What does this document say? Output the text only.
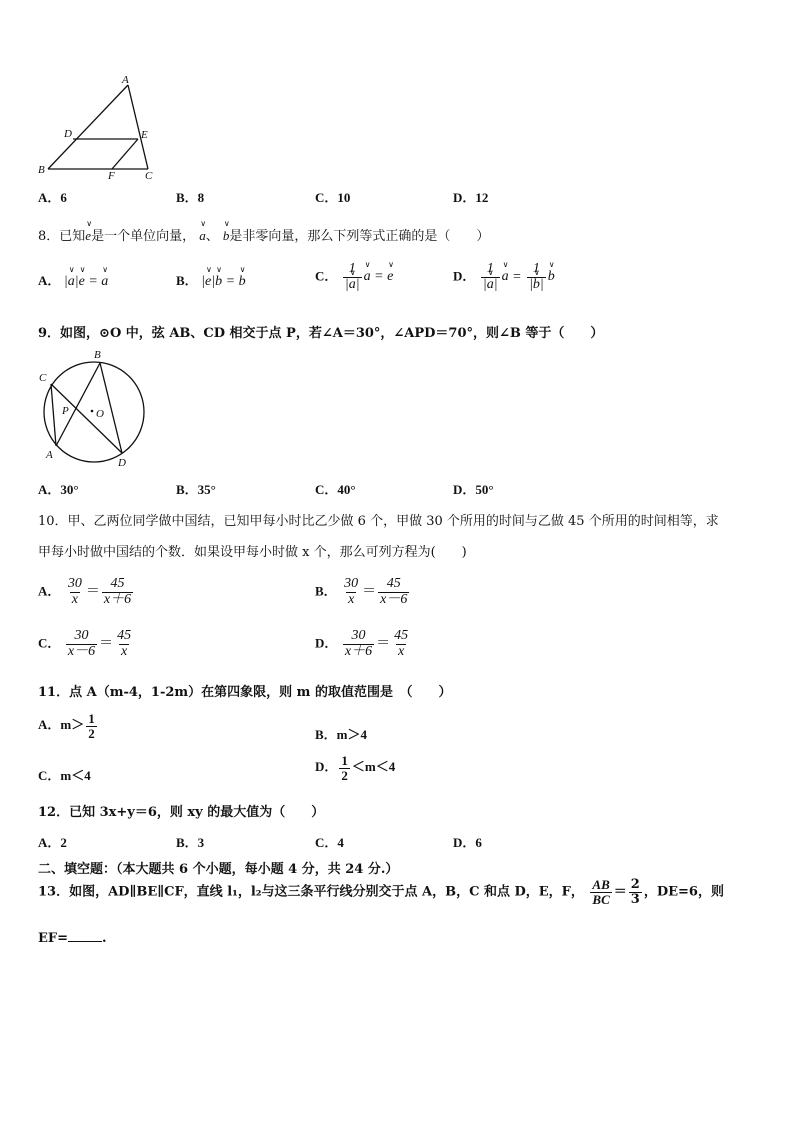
A
D	E
B	F	C
A．6	B．8	C．10	D．12
8．已知∨ e是一个单位向量， ∨ a、 ∨ b是非零向量，那么下列等式正确的是（　　）
A． |∨ a|∨ e = ∨ a	B． |∨ e|∨ b = ∨ b	C． $\frac{1}{|\vee a|}$ ∨ a = ∨ e	D． $\frac{1}{|\vee a|}$ ∨ $a = \frac{1}{|\vee b|}$ ∨ b
9．如图，⊙O 中，弦 AB、CD 相交于点 P，若∠A＝30°，∠APD＝70°，则∠B 等于（　　）
B
C
P O
A
D
A．30°	B．35°	C．40°	D．50°
10．甲、乙两位同学做中国结，已知甲每小时比乙少做 6 个，甲做 30 个所用的时间与乙做 45 个所用的时间相等，求
甲每小时做中国结的个数．如果设甲每小时做 x 个，那么可列方程为(　　)
A． $\frac{30}{x} = \frac{45}{x+6}$	B． $\frac{30}{x} = \frac{45}{x-6}$
C． $\frac{30}{x-6} = \frac{45}{x}$	D． $\frac{30}{x+6} = \frac{45}{x}$
11．点 A（m-4，1-2m）在第四象限，则 m 的取值范围是　（　　）
A．$m> \frac{1}{2}$	B．m＞4
C．m＜4
D． $\frac{1}{2} <m<4$
12．已知 3x+y＝6，则 xy 的最大值为（　　）
A．2	B．3	C．4	D．6
二、填空题：（本大题共 6 个小题，每小题 4 分，共 24 分.）
13．如图，AD∥BE∥CF，直线 l₁，l₂与这三条平行线分别交于点 A，B，C 和点 D，E，F， $\frac{AB}{BC} = \frac{2}{3}$ ，DE=6，则
EF=	.
